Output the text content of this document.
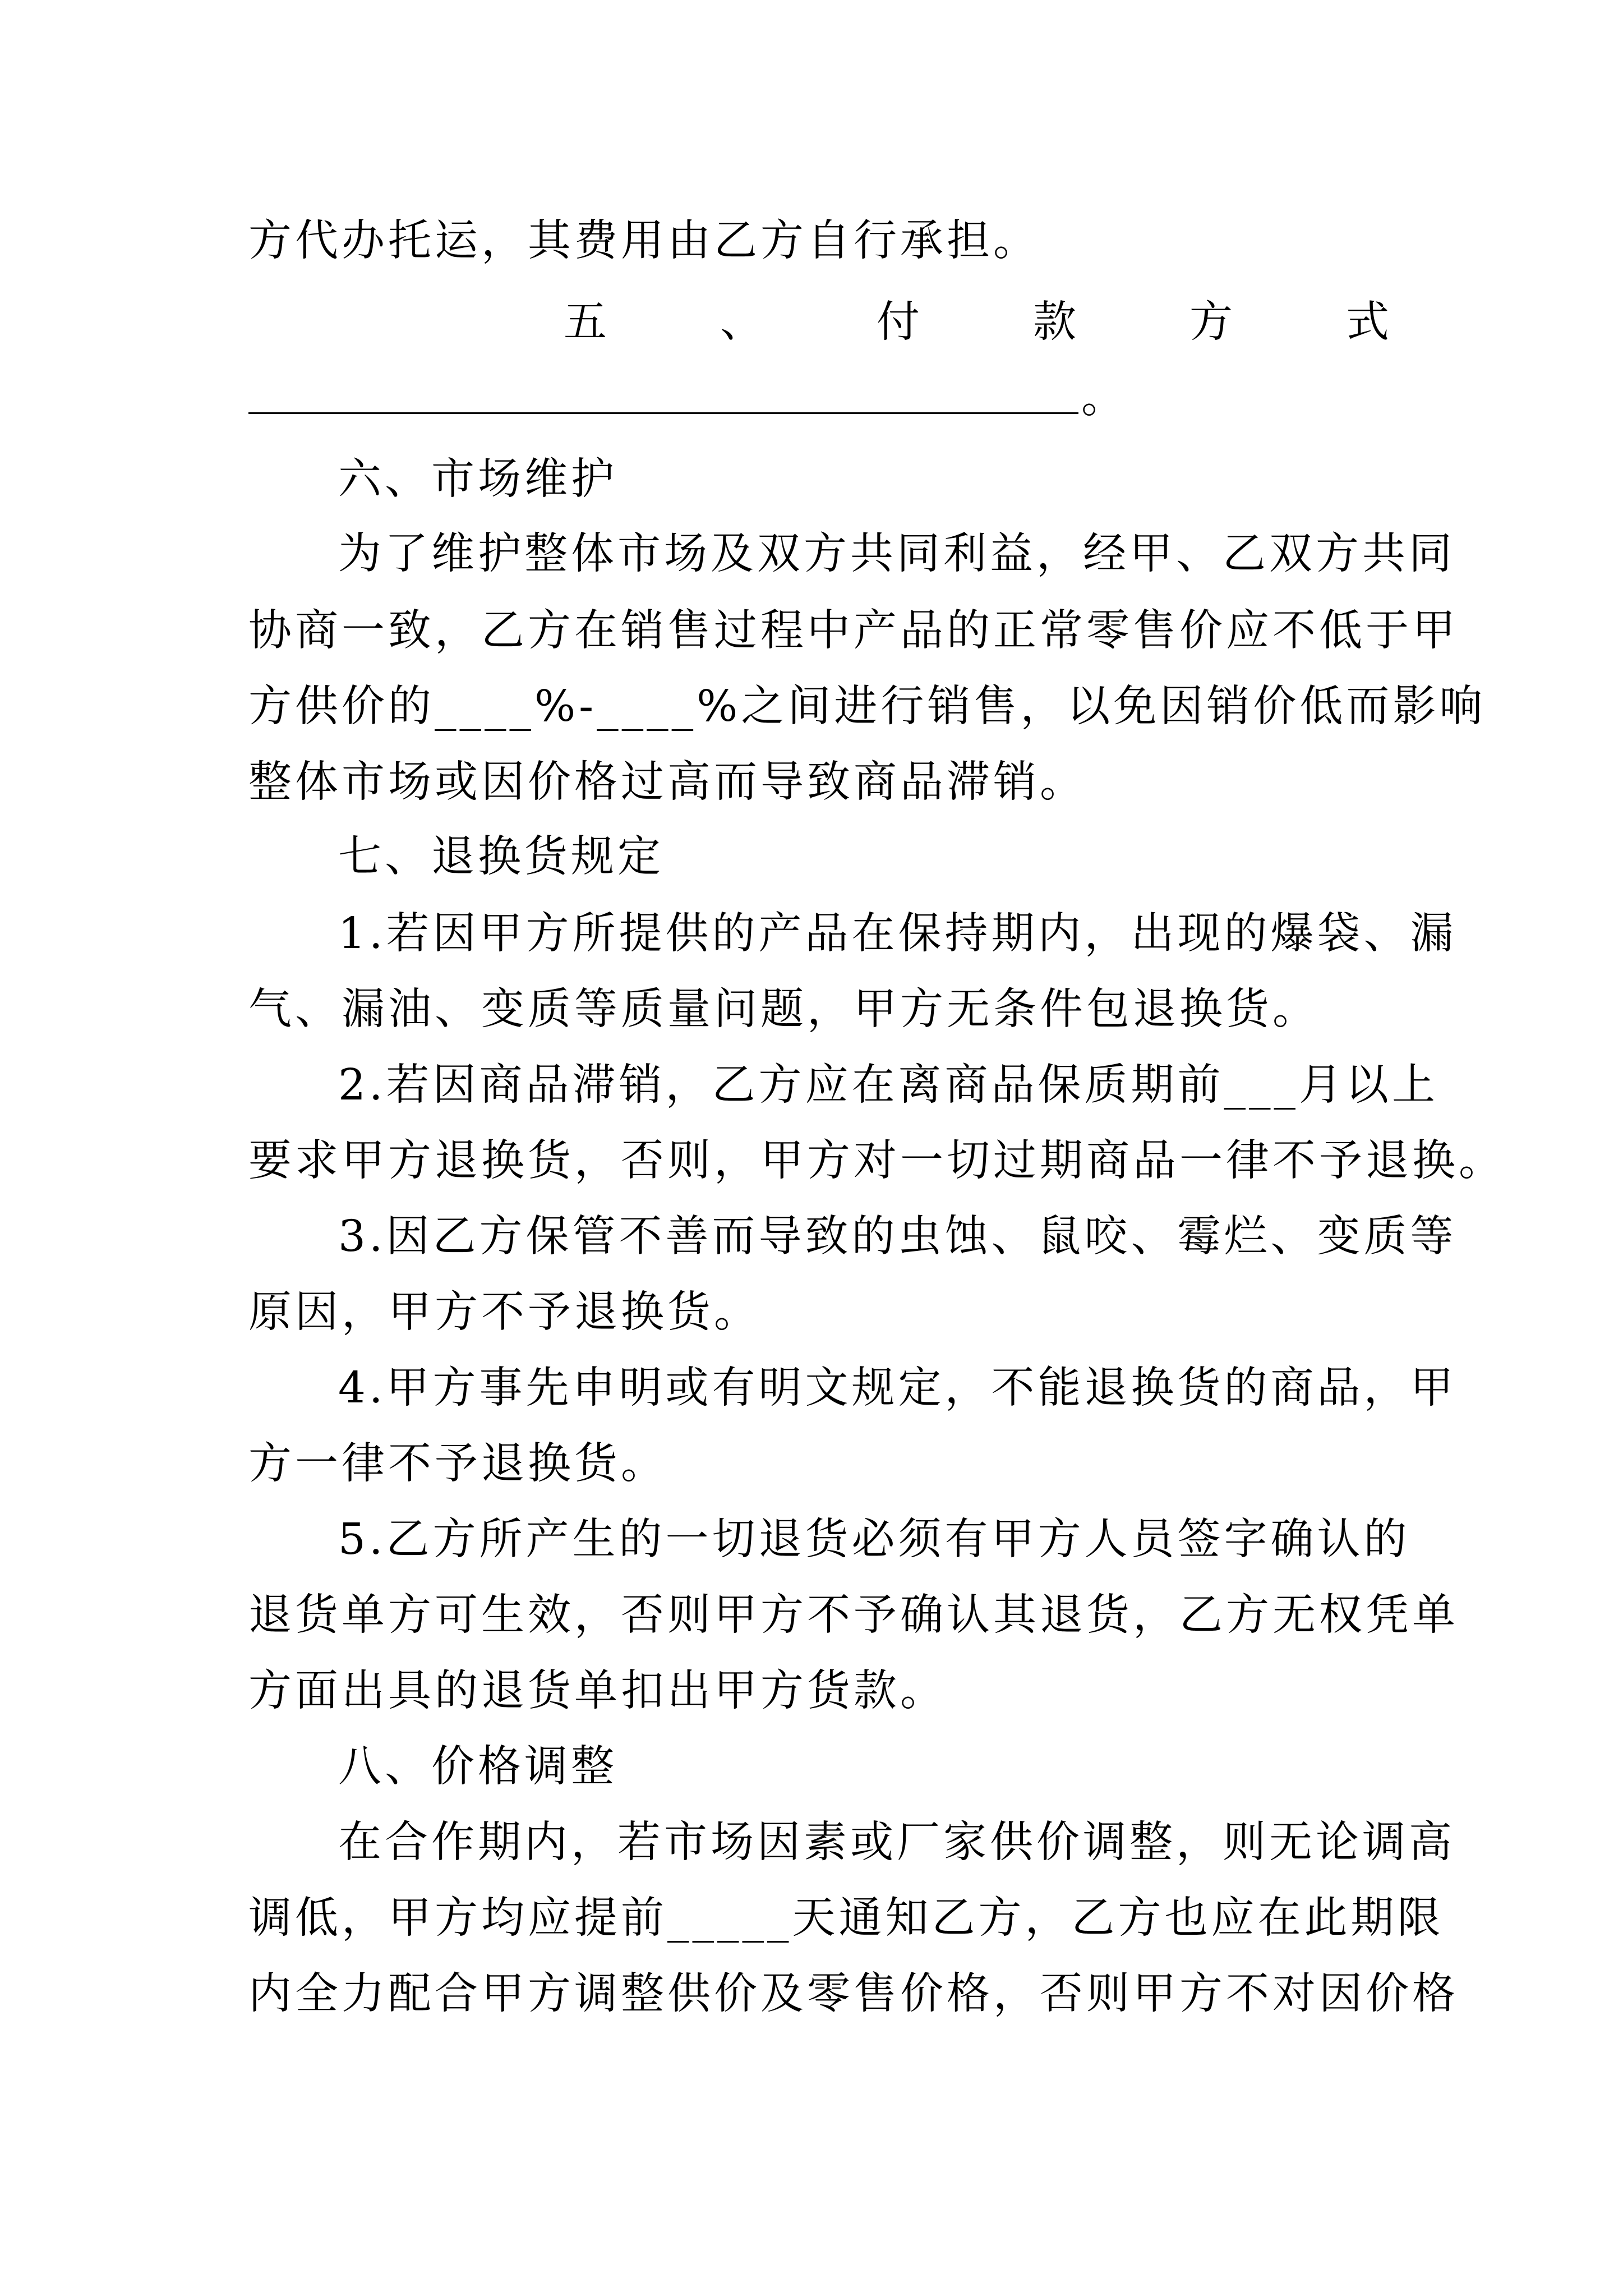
方代办托运，其费用由乙方自行承担。
五	、	付	款	方	式
。
六、市场维护
为了维护整体市场及双方共同利益，经甲、乙双方共同
协商一致，乙方在销售过程中产品的正常零售价应不低于甲
方供价的____%-____%之间进行销售，以免因销价低而影响
整体市场或因价格过高而导致商品滞销。
七、退换货规定
1.若因甲方所提供的产品在保持期内，出现的爆袋、漏
气、漏油、变质等质量问题，甲方无条件包退换货。
2.若因商品滞销，乙方应在离商品保质期前___月以上
要求甲方退换货，否则，甲方对一切过期商品一律不予退换。
3.因乙方保管不善而导致的虫蚀、鼠咬、霉烂、变质等
原因，甲方不予退换货。
4.甲方事先申明或有明文规定，不能退换货的商品，甲
方一律不予退换货。
5.乙方所产生的一切退货必须有甲方人员签字确认的
退货单方可生效，否则甲方不予确认其退货，乙方无权凭单
方面出具的退货单扣出甲方货款。
八、价格调整
在合作期内，若市场因素或厂家供价调整，则无论调高
调低，甲方均应提前_____天通知乙方，乙方也应在此期限
内全力配合甲方调整供价及零售价格，否则甲方不对因价格
